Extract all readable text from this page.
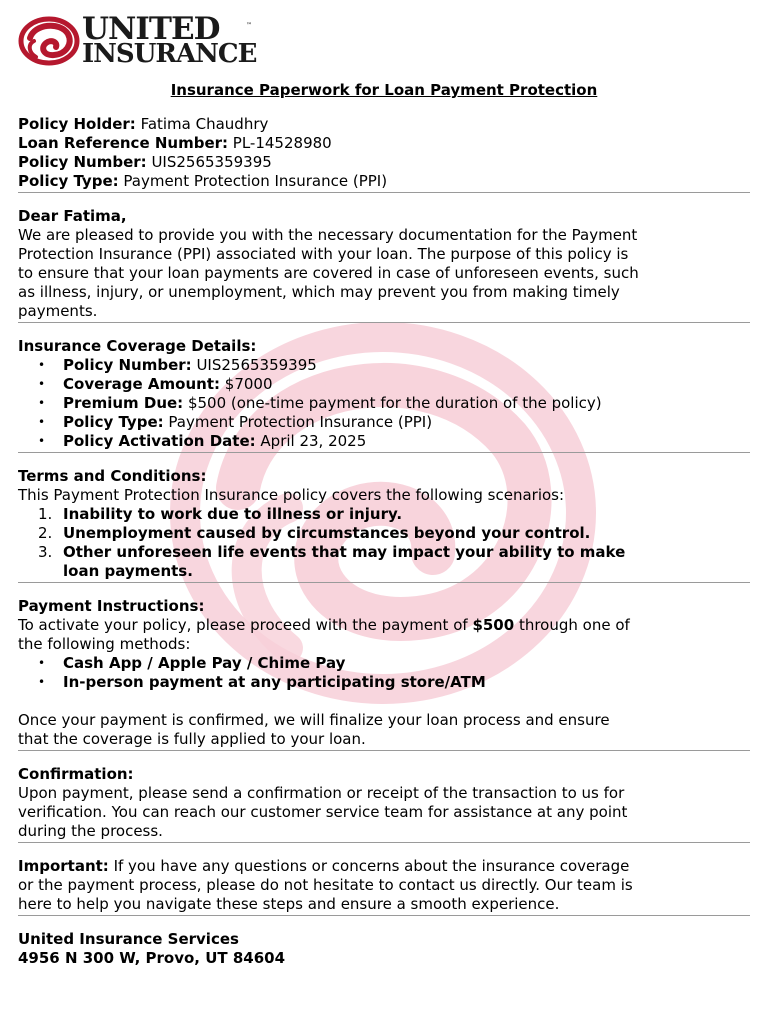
UNITED
INSURANCE
™
Insurance Paperwork for Loan Payment Protection
Policy Holder: Fatima Chaudhry
Loan Reference Number: PL-14528980
Policy Number: UIS2565359395
Policy Type: Payment Protection Insurance (PPI)
Dear Fatima,
We are pleased to provide you with the necessary documentation for the Payment
Protection Insurance (PPI) associated with your loan. The purpose of this policy is
to ensure that your loan payments are covered in case of unforeseen events, such
as illness, injury, or unemployment, which may prevent you from making timely
payments.
Insurance Coverage Details:
• Policy Number: UIS2565359395
• Coverage Amount: $7000
• Premium Due: $500 (one-time payment for the duration of the policy)
• Policy Type: Payment Protection Insurance (PPI)
• Policy Activation Date: April 23, 2025
Terms and Conditions:
This Payment Protection Insurance policy covers the following scenarios:
1. Inability to work due to illness or injury.
2. Unemployment caused by circumstances beyond your control.
3. Other unforeseen life events that may impact your ability to make
loan payments.
Payment Instructions:
To activate your policy, please proceed with the payment of $500 through one of
the following methods:
• Cash App / Apple Pay / Chime Pay
• In-person payment at any participating store/ATM
Once your payment is confirmed, we will finalize your loan process and ensure
that the coverage is fully applied to your loan.
Confirmation:
Upon payment, please send a confirmation or receipt of the transaction to us for
verification. You can reach our customer service team for assistance at any point
during the process.
Important: If you have any questions or concerns about the insurance coverage
or the payment process, please do not hesitate to contact us directly. Our team is
here to help you navigate these steps and ensure a smooth experience.
United Insurance Services
4956 N 300 W, Provo, UT 84604
